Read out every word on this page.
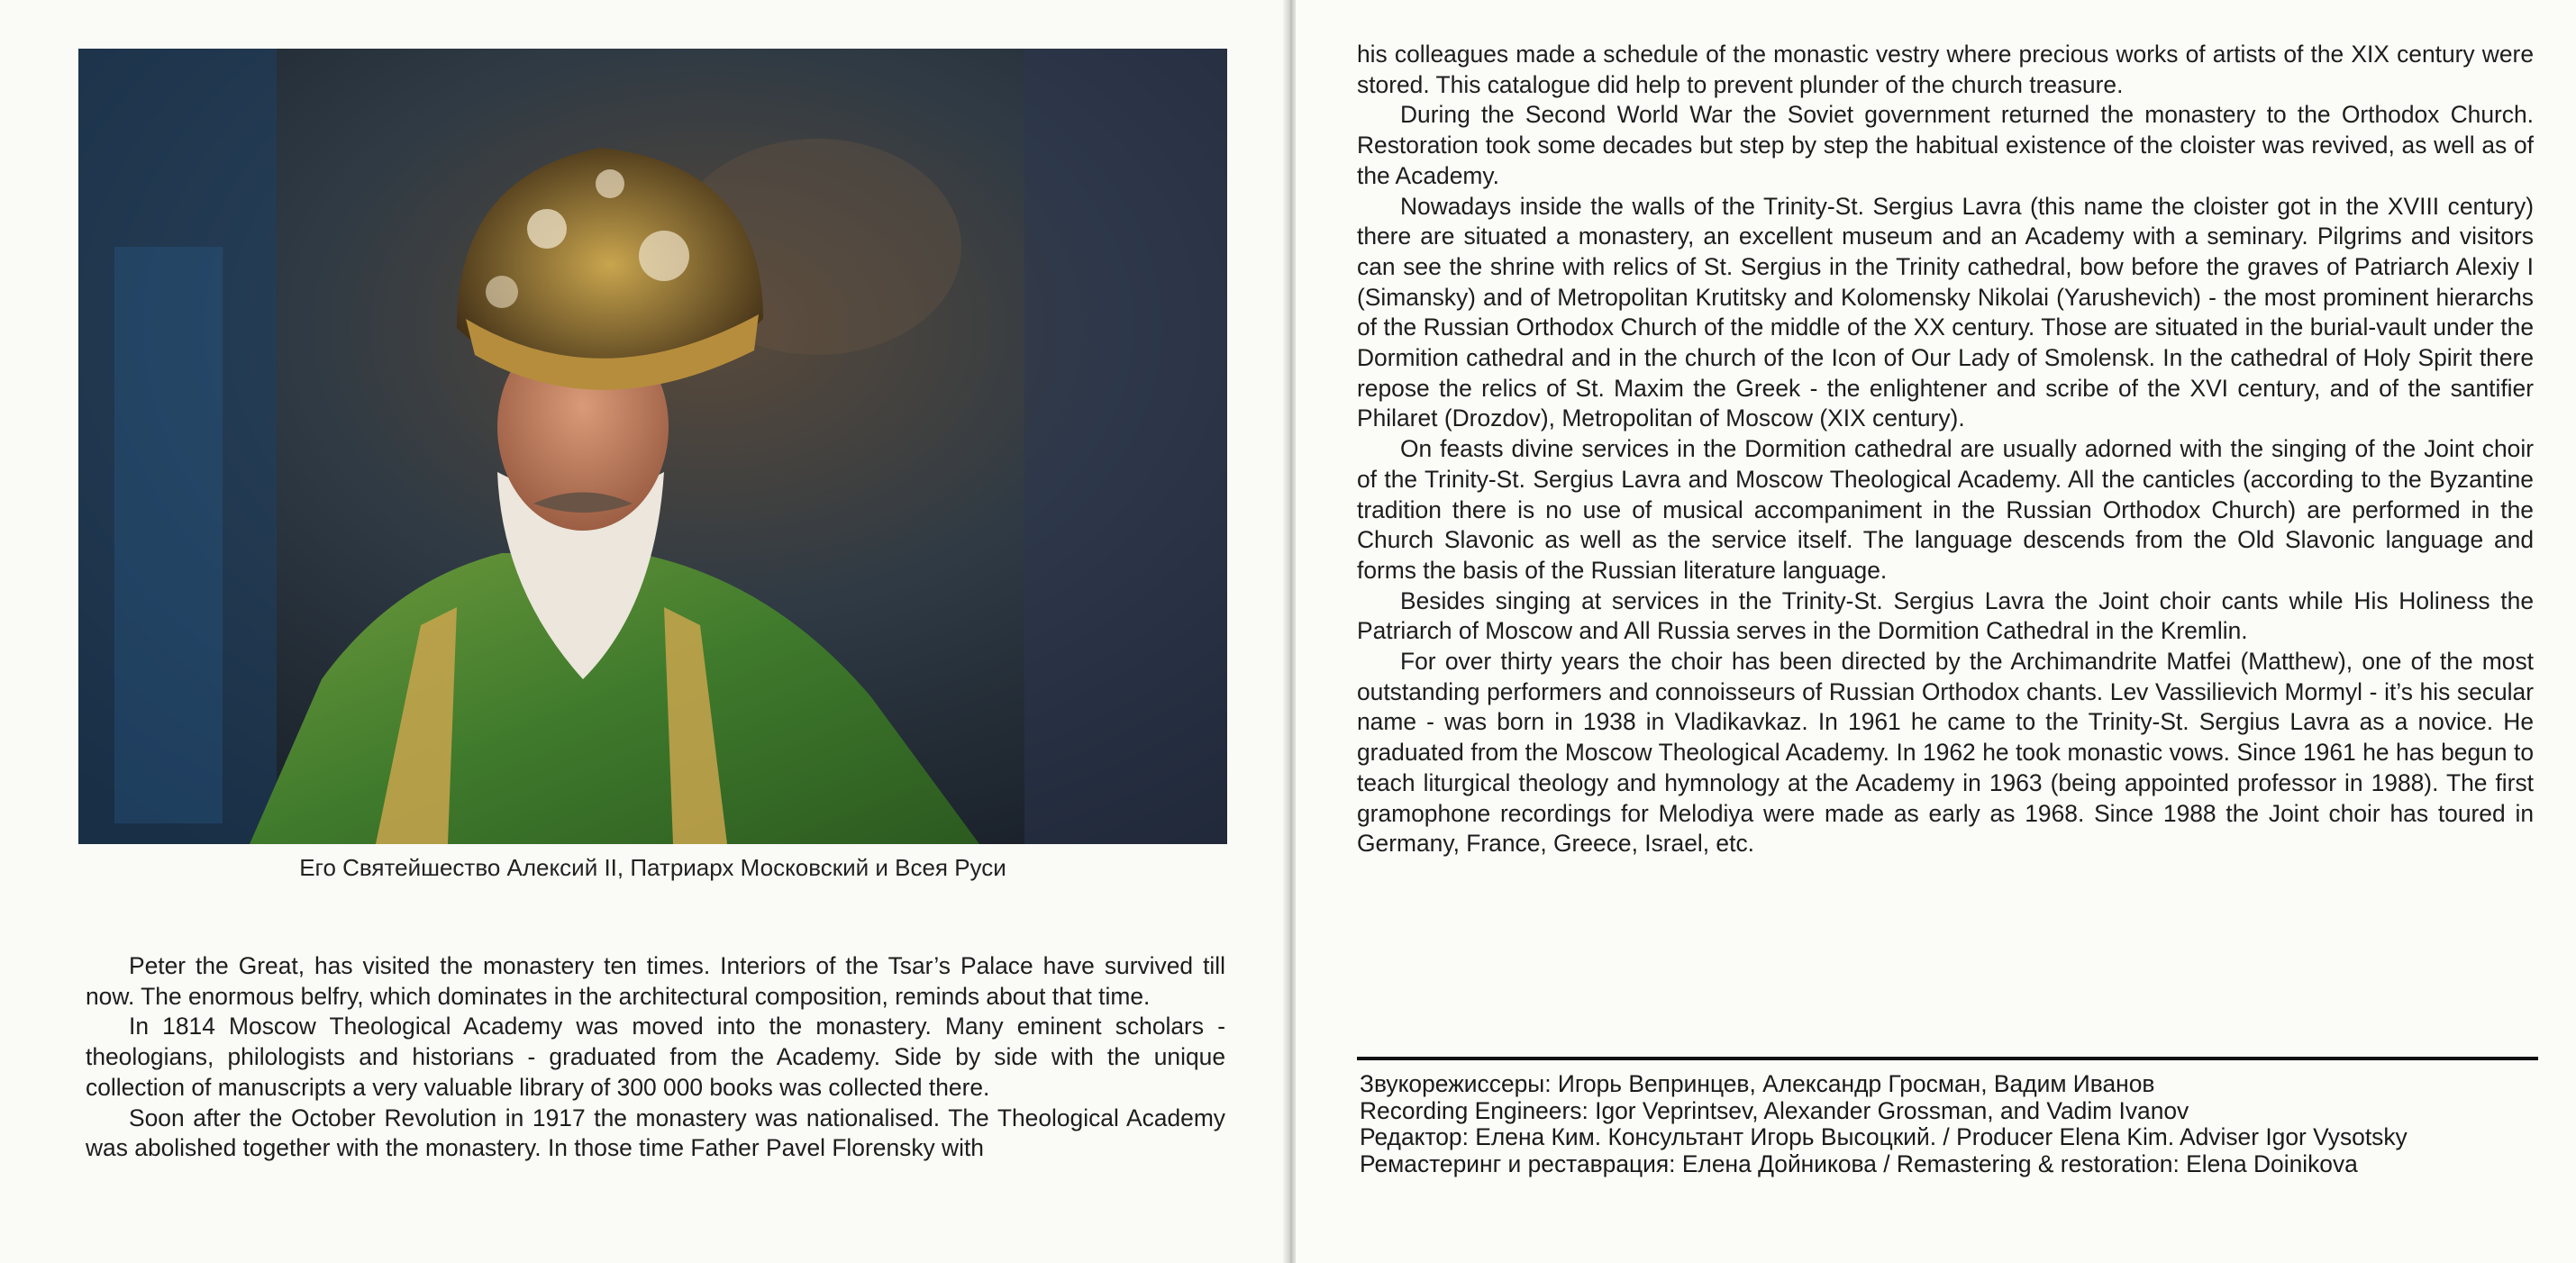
Его Святейшество Алексий II, Патриарх Московский и Всея Руси

Peter the Great, has visited the monastery ten times. Interiors of the Tsar’s Palace have survived till now. The enormous belfry, which dominates in the architectural composition, reminds about that time.

In 1814 Moscow Theological Academy was moved into the monastery. Many eminent scholars - theologians, philologists and historians - graduated from the Academy. Side by side with the unique collection of manuscripts a very valuable library of 300 000 books was collected there.

Soon after the October Revolution in 1917 the monastery was nationalised. The Theological Academy was abolished together with the monastery. In those time Father Pavel Florensky with

his colleagues made a schedule of the monastic vestry where precious works of artists of the XIX century were stored. This catalogue did help to prevent plunder of the church treasure.

During the Second World War the Soviet government returned the monastery to the Orthodox Church. Restoration took some decades but step by step the habitual existence of the cloister was revived, as well as of the Academy.

Nowadays inside the walls of the Trinity-St. Sergius Lavra (this name the cloister got in the XVIII century) there are situated a monastery, an excellent museum and an Academy with a seminary. Pilgrims and visitors can see the shrine with relics of St. Sergius in the Trinity cathedral, bow before the graves of Patriarch Alexiy I (Simansky) and of Metropolitan Krutitsky and Kolomensky Nikolai (Yarushevich) - the most prominent hierarchs of the Russian Orthodox Church of the middle of the XX century. Those are situated in the burial-vault under the Dormition cathedral and in the church of the Icon of Our Lady of Smolensk. In the cathedral of Holy Spirit there repose the relics of St. Maxim the Greek - the enlightener and scribe of the XVI century, and of the santifier Philaret (Drozdov), Metropolitan of Moscow (XIX century).

On feasts divine services in the Dormition cathedral are usually adorned with the singing of the Joint choir of the Trinity-St. Sergius Lavra and Moscow Theological Academy. All the canticles (according to the Byzantine tradition there is no use of musical accompaniment in the Russian Orthodox Church) are performed in the Church Slavonic as well as the service itself. The language descends from the Old Slavonic language and forms the basis of the Russian literature language.

Besides singing at services in the Trinity-St. Sergius Lavra the Joint choir cants while His Holiness the Patriarch of Moscow and All Russia serves in the Dormition Cathedral in the Kremlin.

For over thirty years the choir has been directed by the Archimandrite Matfei (Matthew), one of the most outstanding performers and connoisseurs of Russian Orthodox chants. Lev Vassilievich Mormyl - it’s his secular name - was born in 1938 in Vladikavkaz. In 1961 he came to the Trinity-St. Sergius Lavra as a novice. He graduated from the Moscow Theological Academy. In 1962 he took monastic vows. Since 1961 he has begun to teach liturgical theology and hymnology at the Academy in 1963 (being appointed professor in 1988). The first gramophone recordings for Melodiya were made as early as 1968. Since 1988 the Joint choir has toured in Germany, France, Greece, Israel, etc.

Звукорежиссеры: Игорь Вепринцев, Александр Гросман, Вадим Иванов
Recording Engineers: Igor Veprintsev, Alexander Grossman, and Vadim Ivanov
Редактор: Елена Ким. Консультант Игорь Высоцкий. / Producer Elena Kim. Adviser Igor Vysotsky
Ремастеринг и реставрация: Елена Дойникова / Remastering & restoration: Elena Doinikova
